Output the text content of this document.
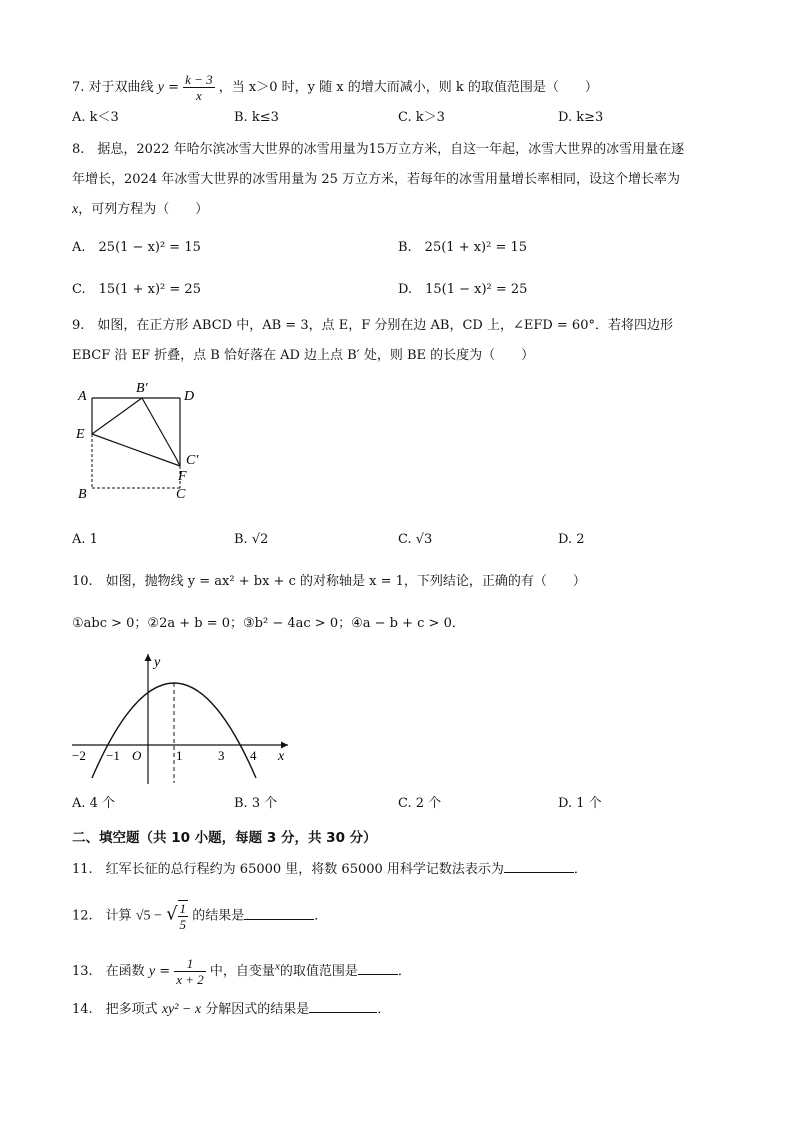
7. 对于双曲线 $y = \frac{k - 3}{x}$ ，当 x＞0 时，y 随 x 的增大而减小，则 k 的取值范围是（　　）
A. k＜3	B. k≤3	C. k＞3	D. k≥3
8.　据息，2022 年哈尔滨冰雪大世界的冰雪用量为15万立方米，自这一年起，冰雪大世界的冰雪用量在逐
年增长，2024 年冰雪大世界的冰雪用量为 25 万立方米，若每年的冰雪用量增长率相同，设这个增长率为
x，可列方程为（　　）
A.　25(1 − x)² = 15	B.　25(1 + x)² = 15
C.　15(1 + x)² = 25	D.　15(1 − x)² = 25
9.　如图，在正方形 ABCD 中，AB = 3，点 E，F 分别在边 AB，CD 上，∠EFD = 60°．若将四边形
EBCF 沿 EF 折叠，点 B 恰好落在 AD 边上点 B′ 处，则 BE 的长度为（　　）
A
B′
D
E
C′
F
B	C
A. 1	B. √2	C. √3	D. 2
10.　如图，抛物线 y = ax² + bx + c 的对称轴是 x = 1，下列结论，正确的有（　　）
①abc > 0；②2a + b = 0；③b² − 4ac > 0；④a − b + c > 0．
y
x
−2 −1 O	1	3 4
A. 4 个	B. 3 个	C. 2 个	D. 1 个
二、填空题（共 10 小题，每题 3 分，共 30 分）
11.　红军长征的总行程约为 65000 里，将数 65000 用科学记数法表示为	．
12.　计算 √5 − √ $\frac{1}{5}$ 的结果是	．
13.　在函数 $y = \frac{1}{x + 2}$ 中，自变量$^x$的取值范围是	．
14.　把多项式 xy² − x 分解因式的结果是	．
